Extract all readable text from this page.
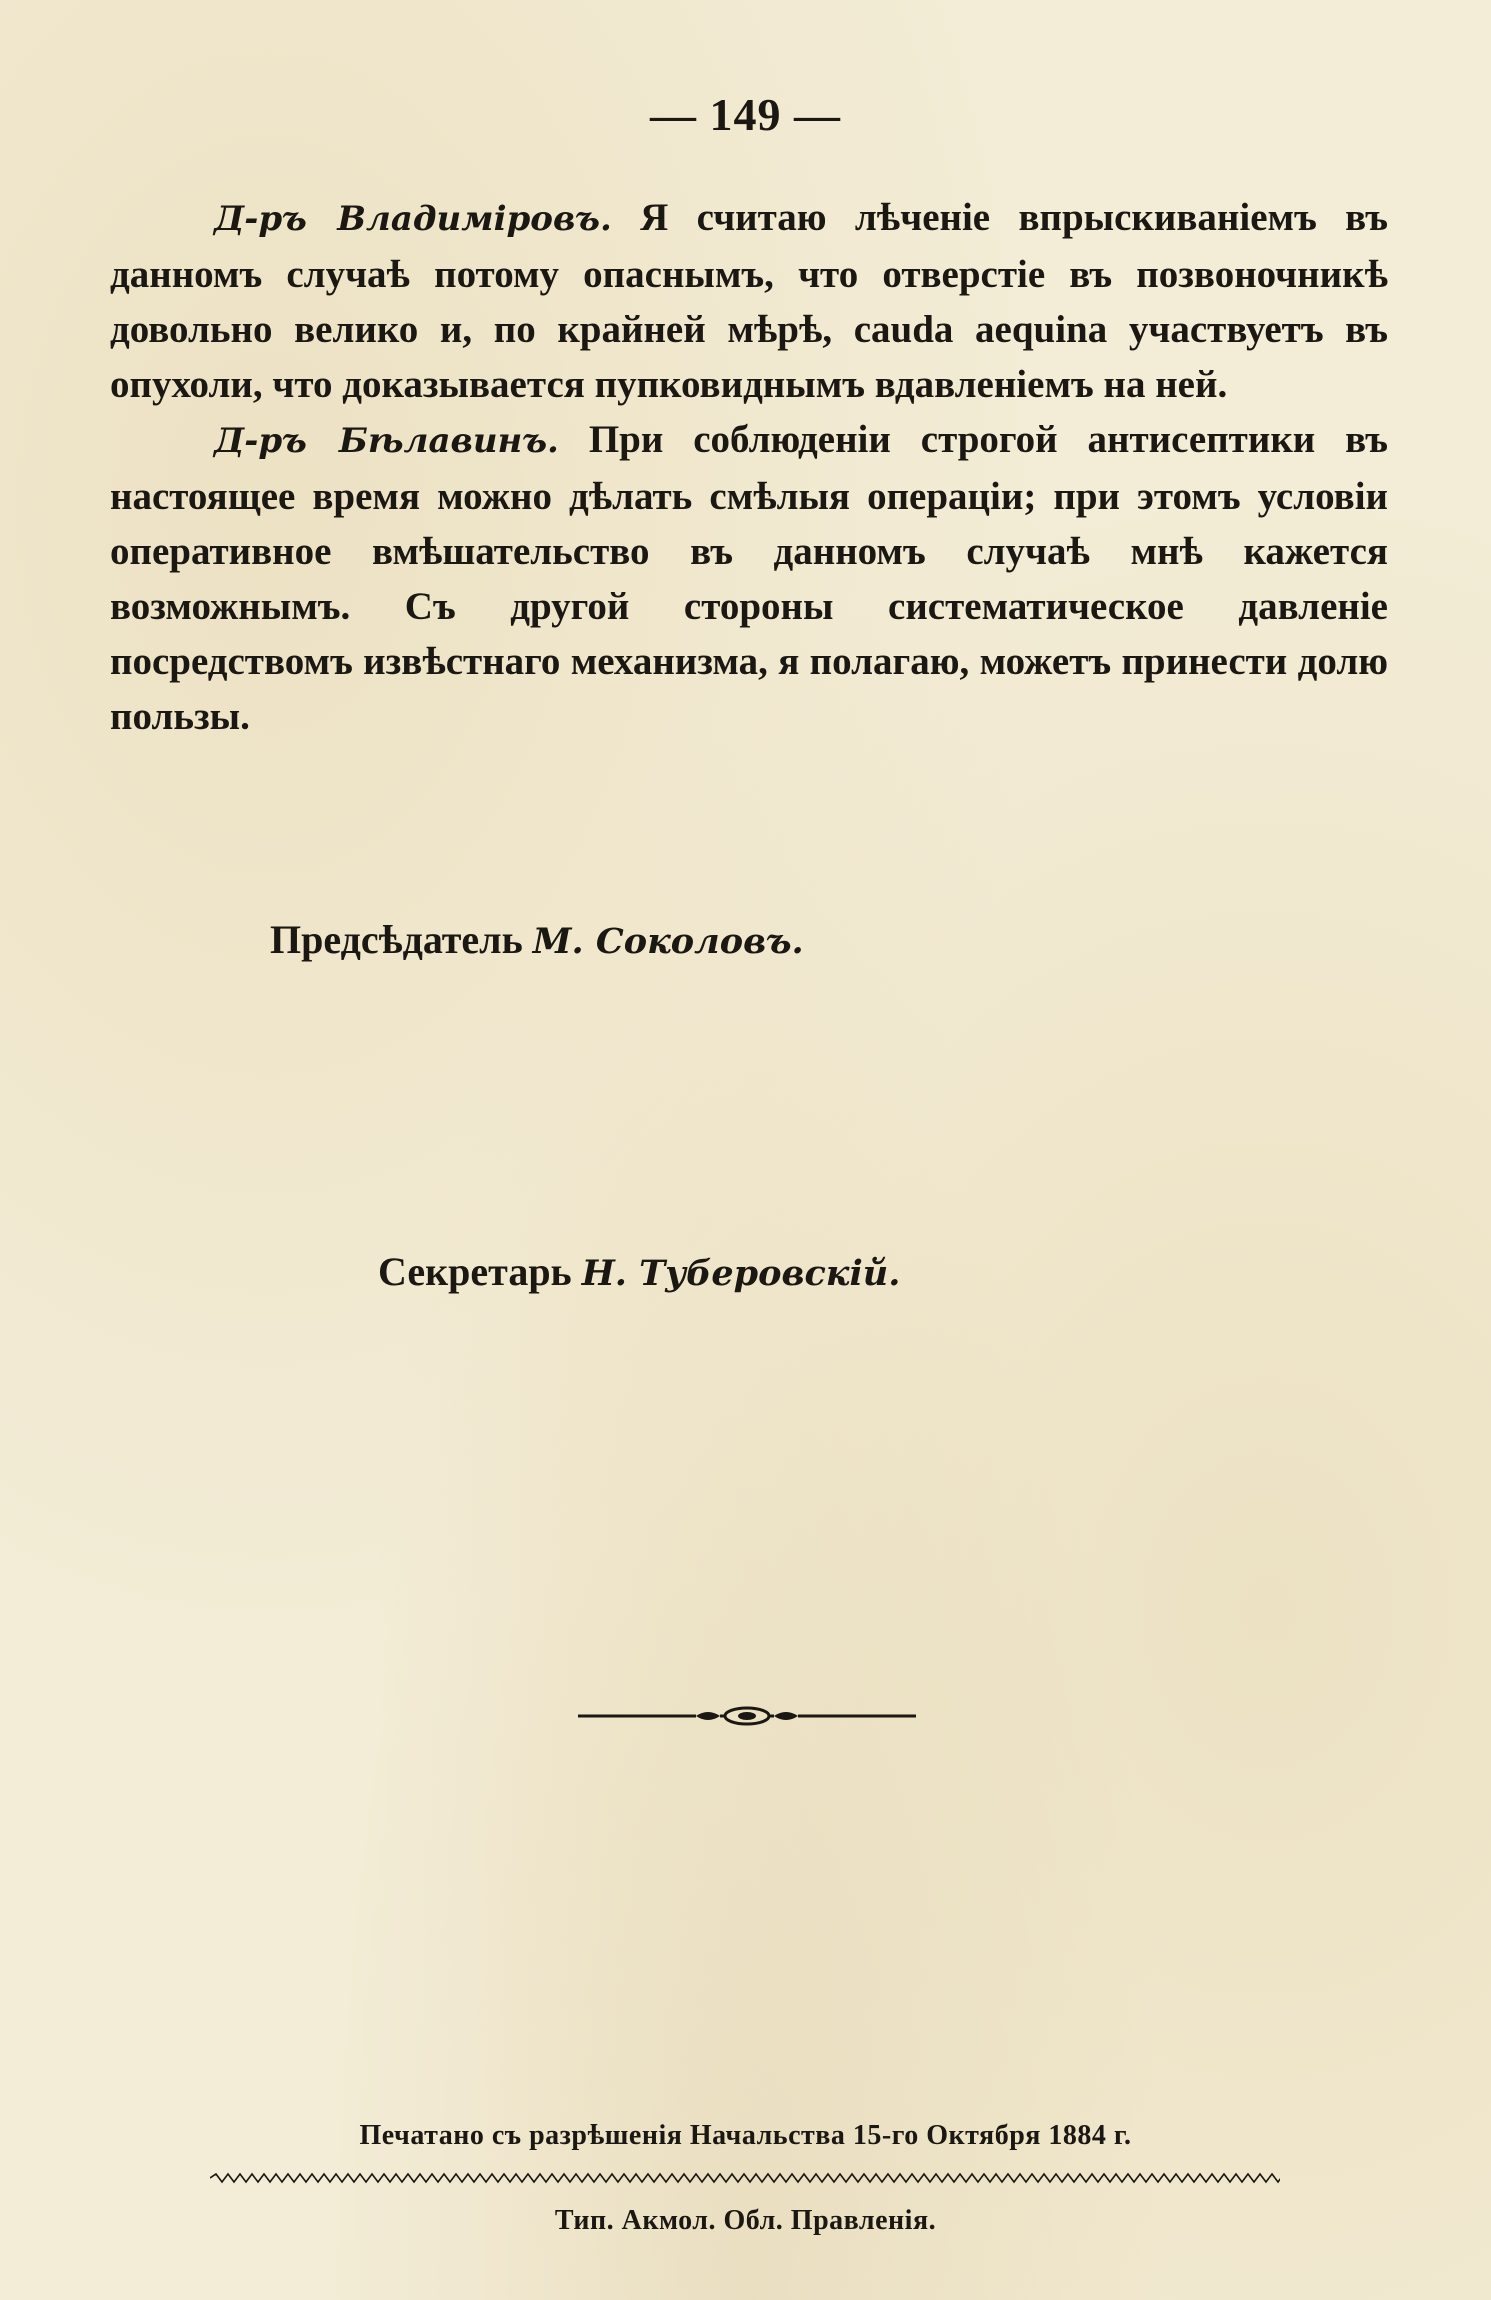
— 149 —

Д-ръ Владиміровъ. Я считаю лѣченіе впрыскиваніемъ въ данномъ случаѣ потому опаснымъ, что отверстіе въ позвоночникѣ довольно велико и, по крайней мѣрѣ, cauda aequina участвуетъ въ опухоли, что доказывается пупковиднымъ вдавленіемъ на ней.

Д-ръ Бѣлавинъ. При соблюденіи строгой антисептики въ настоящее время можно дѣлать смѣлыя операціи; при этомъ условіи оперативное вмѣшательство въ данномъ случаѣ мнѣ кажется возможнымъ. Съ другой стороны систематическое давленіе посредствомъ извѣстнаго механизма, я полагаю, можетъ принести долю пользы.

Предсѣдатель М. Соколовъ.
Секретарь Н. Туберовскій.
Печатано съ разрѣшенія Начальства 15-го Октября 1884 г.
Тип. Акмол. Обл. Правленія.
